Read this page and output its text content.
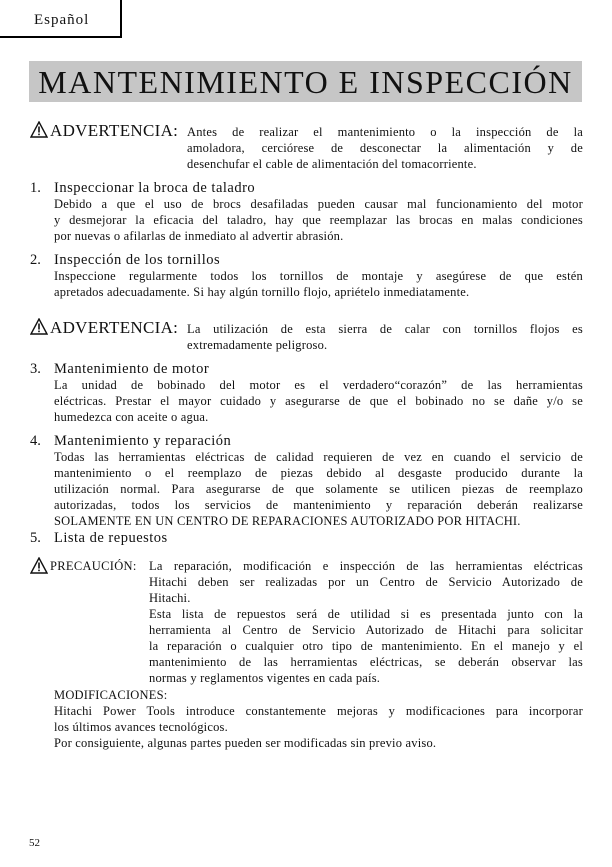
Español
MANTENIMIENTO E INSPECCIÓN
ADVERTENCIA: Antes de realizar el mantenimiento o la inspección de la
amoladora, cerciórese de desconectar la alimentación y de
desenchufar el cable de alimentación del tomacorriente.
1. Inspeccionar la broca de taladro
Debido a que el uso de brocs desafiladas pueden causar mal funcionamiento del motor
y desmejorar la eficacia del taladro, hay que reemplazar las brocas en malas condiciones
por nuevas o afilarlas de inmediato al advertir abrasión.
2. Inspección de los tornillos
Inspeccione regularmente todos los tornillos de montaje y asegúrese de que estén
apretados adecuadamente. Si hay algún tornillo flojo, apriételo inmediatamente.
ADVERTENCIA: La utilización de esta sierra de calar con tornillos flojos es
extremadamente peligroso.
3. Mantenimiento de motor
La unidad de bobinado del motor es el verdadero“corazón” de las herramientas
eléctricas. Prestar el mayor cuidado y asegurarse de que el bobinado no se dañe y/o se
humedezca con aceite o agua.
4. Mantenimiento y reparación
Todas las herramientas eléctricas de calidad requieren de vez en cuando el servicio de
mantenimiento o el reemplazo de piezas debido al desgaste producido durante la
utilización normal. Para asegurarse de que solamente se utilicen piezas de reemplazo
autorizadas, todos los servicios de mantenimiento y reparación deberán realizarse
SOLAMENTE EN UN CENTRO DE REPARACIONES AUTORIZADO POR HITACHI.
5. Lista de repuestos
PRECAUCIÓN: La reparación, modificación e inspección de las herramientas eléctricas
Hitachi deben ser realizadas por un Centro de Servicio Autorizado de
Hitachi.
Esta lista de repuestos será de utilidad si es presentada junto con la
herramienta al Centro de Servicio Autorizado de Hitachi para solicitar
la reparación o cualquier otro tipo de mantenimiento. En el manejo y el
mantenimiento de las herramientas eléctricas, se deberán observar las
normas y reglamentos vigentes en cada país.
MODIFICACIONES:
Hitachi Power Tools introduce constantemente mejoras y modificaciones para incorporar
los últimos avances tecnológicos.
Por consiguiente, algunas partes pueden ser modificadas sin previo aviso.
52
